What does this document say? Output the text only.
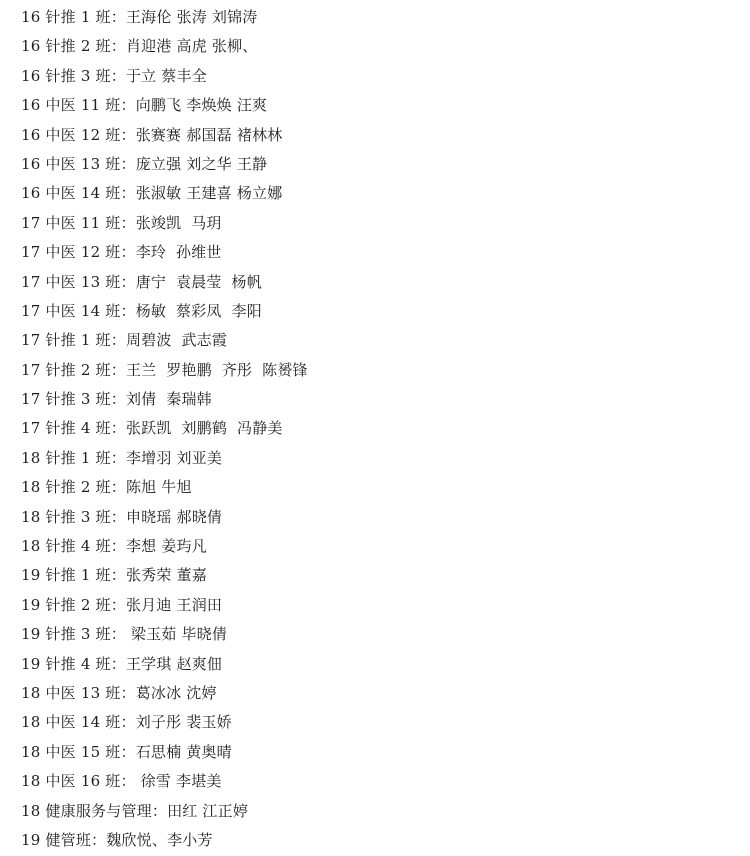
16 针推 1 班：王海伦 张涛 刘锦涛
16 针推 2 班：肖迎港 高虎 张柳、
16 针推 3 班：于立 蔡丰全
16 中医 11 班：向鹏飞 李焕焕 汪爽
16 中医 12 班：张赛赛 郝国磊 褚林林
16 中医 13 班：庞立强 刘之华 王静
16 中医 14 班：张淑敏 王建喜 杨立娜
17 中医 11 班：张竣凯  马玥
17 中医 12 班：李玲  孙维世
17 中医 13 班：唐宁  袁晨莹  杨帆
17 中医 14 班：杨敏  蔡彩凤  李阳
17 针推 1 班：周碧波  武志霞
17 针推 2 班：王兰  罗艳鹏  齐彤  陈赟锋
17 针推 3 班：刘倩  秦瑞韩
17 针推 4 班：张跃凯  刘鹏鹤  冯静美
18 针推 1 班：李增羽 刘亚美
18 针推 2 班：陈旭 牛旭
18 针推 3 班：申晓瑶 郝晓倩
18 针推 4 班：李想 姜玙凡
19 针推 1 班：张秀荣 董嘉
19 针推 2 班：张月迪 王润田
19 针推 3 班： 梁玉茹 毕晓倩
19 针推 4 班：王学琪 赵爽佃
18 中医 13 班：葛冰冰 沈婷
18 中医 14 班：刘子彤 裴玉娇
18 中医 15 班：石思楠 黄奥晴
18 中医 16 班： 徐雪 李堪美
18 健康服务与管理：田红 江正婷
19 健管班：魏欣悦、李小芳
